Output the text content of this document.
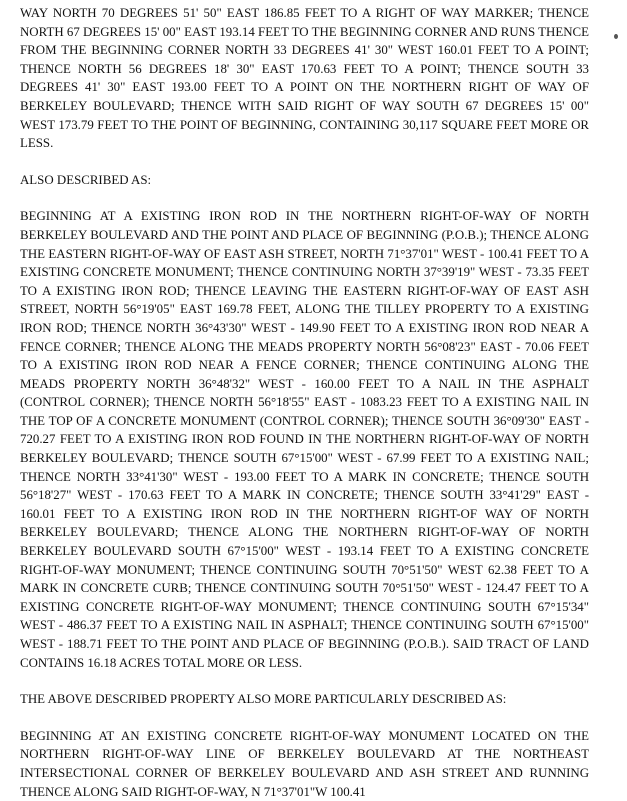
WAY NORTH 70 DEGREES 51' 50" EAST 186.85 FEET TO A RIGHT OF WAY MARKER; THENCE NORTH 67 DEGREES 15' 00" EAST 193.14 FEET TO THE BEGINNING CORNER AND RUNS THENCE FROM THE BEGINNING CORNER NORTH 33 DEGREES 41' 30" WEST 160.01 FEET TO A POINT; THENCE NORTH 56 DEGREES 18' 30" EAST 170.63 FEET TO A POINT; THENCE SOUTH 33 DEGREES 41' 30" EAST 193.00 FEET TO A POINT ON THE NORTHERN RIGHT OF WAY OF BERKELEY BOULEVARD; THENCE WITH SAID RIGHT OF WAY SOUTH 67 DEGREES 15' 00" WEST 173.79 FEET TO THE POINT OF BEGINNING, CONTAINING 30,117 SQUARE FEET MORE OR LESS.

ALSO DESCRIBED AS:

BEGINNING AT A EXISTING IRON ROD IN THE NORTHERN RIGHT-OF-WAY OF NORTH BERKELEY BOULEVARD AND THE POINT AND PLACE OF BEGINNING (P.O.B.); THENCE ALONG THE EASTERN RIGHT-OF-WAY OF EAST ASH STREET, NORTH 71°37'01" WEST - 100.41 FEET TO A EXISTING CONCRETE MONUMENT; THENCE CONTINUING NORTH 37°39'19" WEST - 73.35 FEET TO A EXISTING IRON ROD; THENCE LEAVING THE EASTERN RIGHT-OF-WAY OF EAST ASH STREET, NORTH 56°19'05" EAST 169.78 FEET, ALONG THE TILLEY PROPERTY TO A EXISTING IRON ROD; THENCE NORTH 36°43'30" WEST - 149.90 FEET TO A EXISTING IRON ROD NEAR A FENCE CORNER; THENCE ALONG THE MEADS PROPERTY NORTH 56°08'23" EAST - 70.06 FEET TO A EXISTING IRON ROD NEAR A FENCE CORNER; THENCE CONTINUING ALONG THE MEADS PROPERTY NORTH 36°48'32" WEST - 160.00 FEET TO A NAIL IN THE ASPHALT (CONTROL CORNER); THENCE NORTH 56°18'55" EAST - 1083.23 FEET TO A EXISTING NAIL IN THE TOP OF A CONCRETE MONUMENT (CONTROL CORNER); THENCE SOUTH 36°09'30" EAST - 720.27 FEET TO A EXISTING IRON ROD FOUND IN THE NORTHERN RIGHT-OF-WAY OF NORTH BERKELEY BOULEVARD; THENCE SOUTH 67°15'00" WEST - 67.99 FEET TO A EXISTING NAIL; THENCE NORTH 33°41'30" WEST - 193.00 FEET TO A MARK IN CONCRETE; THENCE SOUTH 56°18'27" WEST - 170.63 FEET TO A MARK IN CONCRETE; THENCE SOUTH 33°41'29" EAST - 160.01 FEET TO A EXISTING IRON ROD IN THE NORTHERN RIGHT-OF WAY OF NORTH BERKELEY BOULEVARD; THENCE ALONG THE NORTHERN RIGHT-OF-WAY OF NORTH BERKELEY BOULEVARD SOUTH 67°15'00" WEST - 193.14 FEET TO A EXISTING CONCRETE RIGHT-OF-WAY MONUMENT; THENCE CONTINUING SOUTH 70°51'50" WEST 62.38 FEET TO A MARK IN CONCRETE CURB; THENCE CONTINUING SOUTH 70°51'50" WEST - 124.47 FEET TO A EXISTING CONCRETE RIGHT-OF-WAY MONUMENT; THENCE CONTINUING SOUTH 67°15'34" WEST - 486.37 FEET TO A EXISTING NAIL IN ASPHALT; THENCE CONTINUING SOUTH 67°15'00" WEST - 188.71 FEET TO THE POINT AND PLACE OF BEGINNING (P.O.B.). SAID TRACT OF LAND CONTAINS 16.18 ACRES TOTAL MORE OR LESS.

THE ABOVE DESCRIBED PROPERTY ALSO MORE PARTICULARLY DESCRIBED AS:

BEGINNING AT AN EXISTING CONCRETE RIGHT-OF-WAY MONUMENT LOCATED ON THE NORTHERN RIGHT-OF-WAY LINE OF BERKELEY BOULEVARD AT THE NORTHEAST INTERSECTIONAL CORNER OF BERKELEY BOULEVARD AND ASH STREET AND RUNNING THENCE ALONG SAID RIGHT-OF-WAY, N 71°37'01"W 100.41
